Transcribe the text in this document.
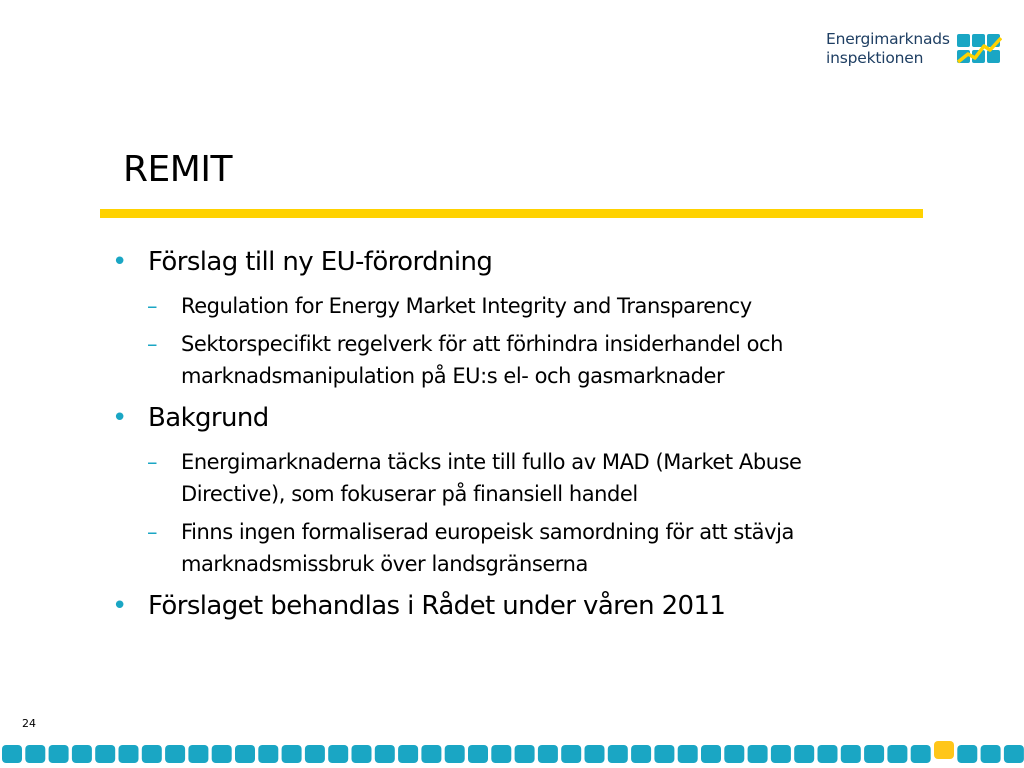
Energimarknads
inspektionen
REMIT
• Förslag till ny EU-förordning
– Regulation for Energy Market Integrity and Transparency
– Sektorspecifikt regelverk för att förhindra insiderhandel och marknadsmanipulation på EU:s el- och gasmarknader
• Bakgrund
– Energimarknaderna täcks inte till fullo av MAD (Market Abuse Directive), som fokuserar på finansiell handel
– Finns ingen formaliserad europeisk samordning för att stävja marknadsmissbruk över landsgränserna
• Förslaget behandlas i Rådet under våren 2011
24
